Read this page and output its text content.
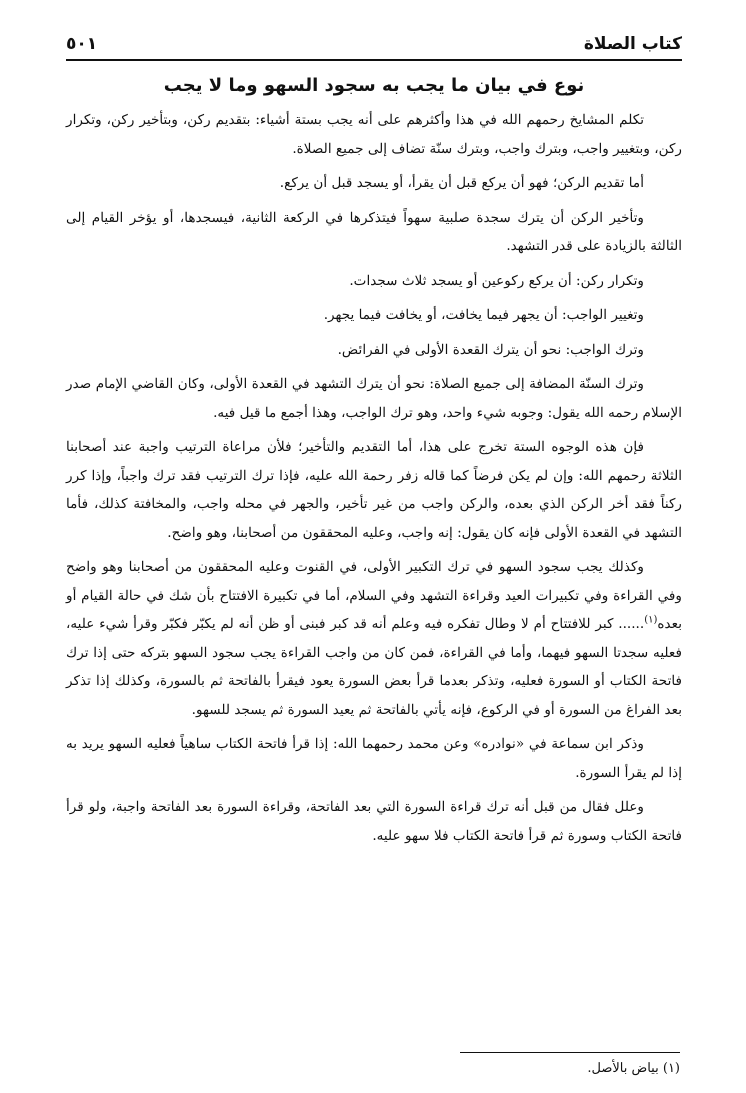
كتاب الصلاة
٥٠١
نوع في بيان ما يجب به سجود السهو وما لا يجب

تكلم المشايخ رحمهم الله في هذا وأكثرهم على أنه يجب بستة أشياء: بتقديم ركن، وبتأخير ركن، وتكرار ركن، وبتغيير واجب، وبترك واجب، وبترك سنّة تضاف إلى جميع الصلاة.

أما تقديم الركن؛ فهو أن يركع قبل أن يقرأ، أو يسجد قبل أن يركع.

وتأخير الركن أن يترك سجدة صلبية سهواً فيتذكرها في الركعة الثانية، فيسجدها، أو يؤخر القيام إلى الثالثة بالزيادة على قدر التشهد.

وتكرار ركن: أن يركع ركوعين أو يسجد ثلاث سجدات.

وتغيير الواجب: أن يجهر فيما يخافت، أو يخافت فيما يجهر.

وترك الواجب: نحو أن يترك القعدة الأولى في الفرائض.

وترك السنّة المضافة إلى جميع الصلاة: نحو أن يترك التشهد في القعدة الأولى، وكان القاضي الإمام صدر الإسلام رحمه الله يقول: وجوبه شيء واحد، وهو ترك الواجب، وهذا أجمع ما قيل فيه.

فإن هذه الوجوه الستة تخرج على هذا، أما التقديم والتأخير؛ فلأن مراعاة الترتيب واجبة عند أصحابنا الثلاثة رحمهم الله: وإن لم يكن فرضاً كما قاله زفر رحمة الله عليه، فإذا ترك الترتيب فقد ترك واجباً، وإذا كرر ركناً فقد أخر الركن الذي بعده، والركن واجب من غير تأخير، والجهر في محله واجب، والمخافتة كذلك، فأما التشهد في القعدة الأولى فإنه كان يقول: إنه واجب، وعليه المحققون من أصحابنا، وهو واضح.

وكذلك يجب سجود السهو في ترك التكبير الأولى، في القنوت وعليه المحققون من أصحابنا وهو واضح وفي القراءة وفي تكبيرات العيد وقراءة التشهد وفي السلام، أما في تكبيرة الافتتاح بأن شك في حالة القيام أو بعده$^{(١)}$...... كبر للافتتاح أم لا وطال تفكره فيه وعلم أنه قد كبر فبنى أو ظن أنه لم يكبّر فكبّر وقرأ شيء عليه، فعليه سجدتا السهو فيهما، وأما في القراءة، فمن كان من واجب القراءة يجب سجود السهو بتركه حتى إذا ترك فاتحة الكتاب أو السورة فعليه، وتذكر بعدما قرأ بعض السورة يعود فيقرأ بالفاتحة ثم بالسورة، وكذلك إذا تذكر بعد الفراغ من السورة أو في الركوع، فإنه يأتي بالفاتحة ثم يعيد السورة ثم يسجد للسهو.

وذكر ابن سماعة في «نوادره» وعن محمد رحمهما الله: إذا قرأ فاتحة الكتاب ساهياً فعليه السهو يريد به إذا لم يقرأ السورة.

وعلل فقال من قبل أنه ترك قراءة السورة التي بعد الفاتحة، وقراءة السورة بعد الفاتحة واجبة، ولو قرأ فاتحة الكتاب وسورة ثم قرأ فاتحة الكتاب فلا سهو عليه.

(١) بياض بالأصل.
